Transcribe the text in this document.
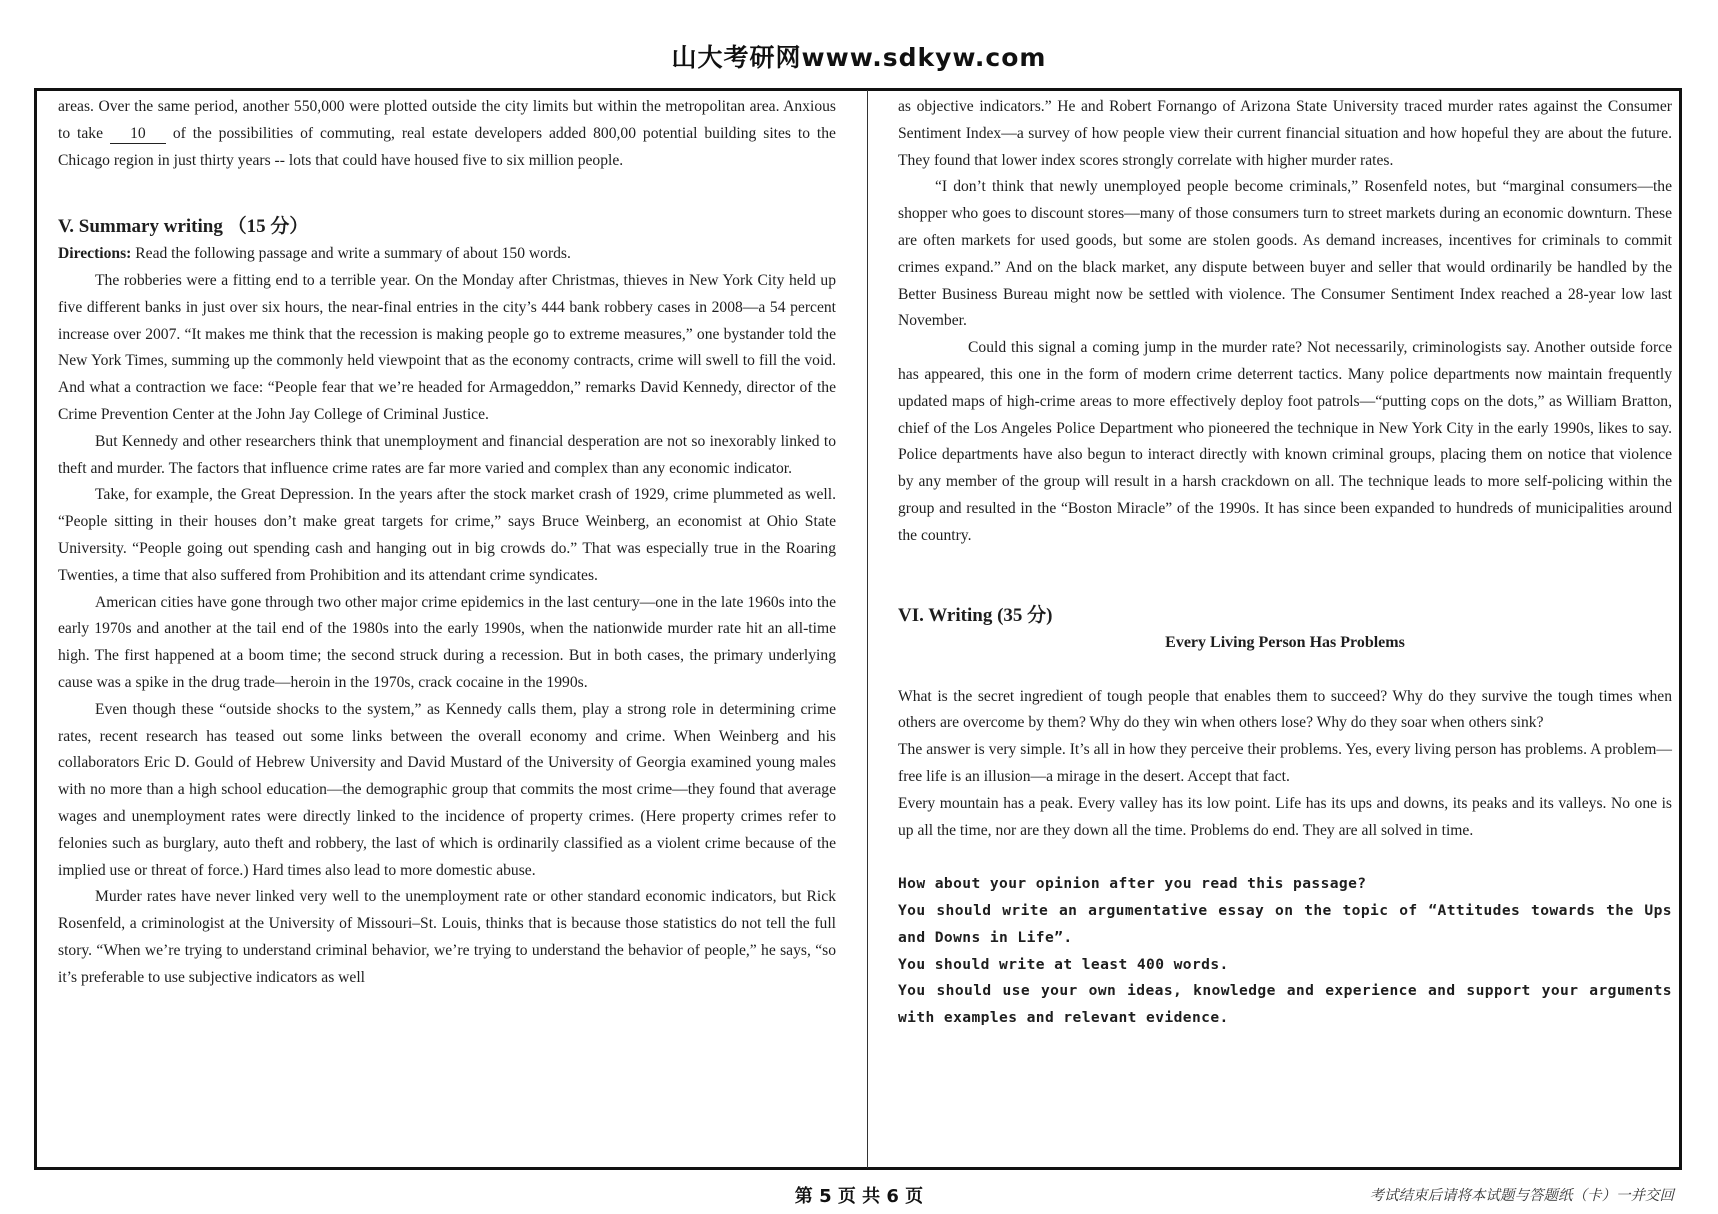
山大考研网www.sdkyw.com

areas. Over the same period, another 550,000 were plotted outside the city limits but within the metropolitan area. Anxious to take 10 of the possibilities of commuting, real estate developers added 800,00 potential building sites to the Chicago region in just thirty years -- lots that could have housed five to six million people.

V. Summary writing （15 分）

Directions: Read the following passage and write a summary of about 150 words.

The robberies were a fitting end to a terrible year. On the Monday after Christmas, thieves in New York City held up five different banks in just over six hours, the near-final entries in the city’s 444 bank robbery cases in 2008—a 54 percent increase over 2007. “It makes me think that the recession is making people go to extreme measures,” one bystander told the New York Times, summing up the commonly held viewpoint that as the economy contracts, crime will swell to fill the void. And what a contraction we face: “People fear that we’re headed for Armageddon,” remarks David Kennedy, director of the Crime Prevention Center at the John Jay College of Criminal Justice.

But Kennedy and other researchers think that unemployment and financial desperation are not so inexorably linked to theft and murder. The factors that influence crime rates are far more varied and complex than any economic indicator.

Take, for example, the Great Depression. In the years after the stock market crash of 1929, crime plummeted as well. “People sitting in their houses don’t make great targets for crime,” says Bruce Weinberg, an economist at Ohio State University. “People going out spending cash and hanging out in big crowds do.” That was especially true in the Roaring Twenties, a time that also suffered from Prohibition and its attendant crime syndicates.

American cities have gone through two other major crime epidemics in the last century—one in the late 1960s into the early 1970s and another at the tail end of the 1980s into the early 1990s, when the nationwide murder rate hit an all-time high. The first happened at a boom time; the second struck during a recession. But in both cases, the primary underlying cause was a spike in the drug trade—heroin in the 1970s, crack cocaine in the 1990s.

Even though these “outside shocks to the system,” as Kennedy calls them, play a strong role in determining crime rates, recent research has teased out some links between the overall economy and crime. When Weinberg and his collaborators Eric D. Gould of Hebrew University and David Mustard of the University of Georgia examined young males with no more than a high school education—the demographic group that commits the most crime—they found that average wages and unemployment rates were directly linked to the incidence of property crimes. (Here property crimes refer to felonies such as burglary, auto theft and robbery, the last of which is ordinarily classified as a violent crime because of the implied use or threat of force.) Hard times also lead to more domestic abuse.

Murder rates have never linked very well to the unemployment rate or other standard economic indicators, but Rick Rosenfeld, a criminologist at the University of Missouri–St. Louis, thinks that is because those statistics do not tell the full story. “When we’re trying to understand criminal behavior, we’re trying to understand the behavior of people,” he says, “so it’s preferable to use subjective indicators as well

as objective indicators.” He and Robert Fornango of Arizona State University traced murder rates against the Consumer Sentiment Index—a survey of how people view their current financial situation and how hopeful they are about the future. They found that lower index scores strongly correlate with higher murder rates.

“I don’t think that newly unemployed people become criminals,” Rosenfeld notes, but “marginal consumers—the shopper who goes to discount stores—many of those consumers turn to street markets during an economic downturn. These are often markets for used goods, but some are stolen goods. As demand increases, incentives for criminals to commit crimes expand.” And on the black market, any dispute between buyer and seller that would ordinarily be handled by the Better Business Bureau might now be settled with violence. The Consumer Sentiment Index reached a 28-year low last November.

Could this signal a coming jump in the murder rate? Not necessarily, criminologists say. Another outside force has appeared, this one in the form of modern crime deterrent tactics. Many police departments now maintain frequently updated maps of high-crime areas to more effectively deploy foot patrols—“putting cops on the dots,” as William Bratton, chief of the Los Angeles Police Department who pioneered the technique in New York City in the early 1990s, likes to say. Police departments have also begun to interact directly with known criminal groups, placing them on notice that violence by any member of the group will result in a harsh crackdown on all. The technique leads to more self-policing within the group and resulted in the “Boston Miracle” of the 1990s. It has since been expanded to hundreds of municipalities around the country.

VI. Writing (35 分)

Every Living Person Has Problems

What is the secret ingredient of tough people that enables them to succeed? Why do they survive the tough times when others are overcome by them? Why do they win when others lose? Why do they soar when others sink?

The answer is very simple. It’s all in how they perceive their problems. Yes, every living person has problems. A problem—free life is an illusion—a mirage in the desert. Accept that fact.

Every mountain has a peak. Every valley has its low point. Life has its ups and downs, its peaks and its valleys. No one is up all the time, nor are they down all the time. Problems do end. They are all solved in time.

How about your opinion after you read this passage?

You should write an argumentative essay on the topic of “Attitudes towards the Ups and Downs in Life”.

You should write at least 400 words.

You should use your own ideas, knowledge and experience and support your arguments with examples and relevant evidence.

第 5 页 共 6 页	考试结束后请将本试题与答题纸（卡）一并交回
